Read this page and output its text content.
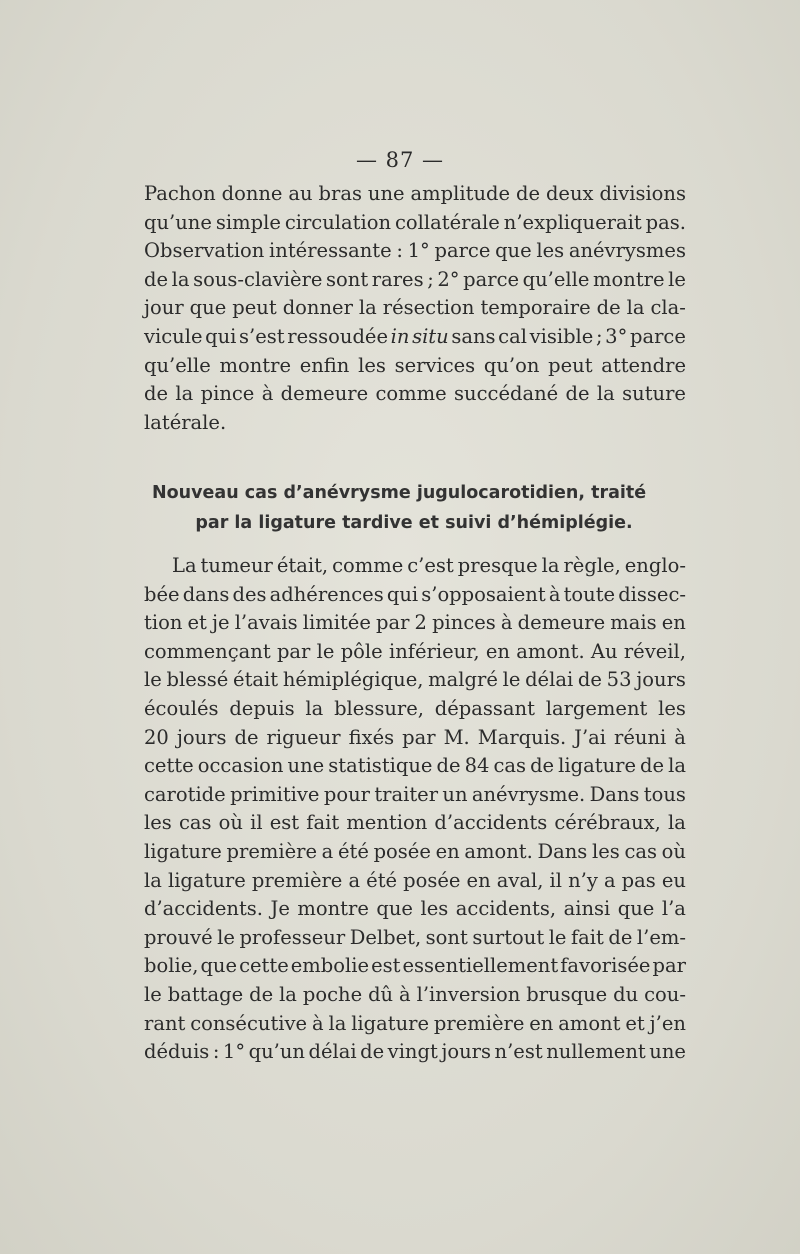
— 87 —
Pachon donne au bras une amplitude de deux divisions
qu’une simple circulation collatérale n’expliquerait pas.
Observation intéressante : 1° parce que les anévrysmes
de la sous-clavière sont rares ; 2° parce qu’elle montre le
jour que peut donner la résection temporaire de la cla-
vicule qui s’est ressoudée in situ sans cal visible ; 3° parce
qu’elle montre enfin les services qu’on peut attendre
de la pince à demeure comme succédané de la suture
latérale.
Nouveau cas d’anévrysme jugulocarotidien, traité
par la ligature tardive et suivi d’hémiplégie.
La tumeur était, comme c’est presque la règle, englo-
bée dans des adhérences qui s’opposaient à toute dissec-
tion et je l’avais limitée par 2 pinces à demeure mais en
commençant par le pôle inférieur, en amont. Au réveil,
le blessé était hémiplégique, malgré le délai de 53 jours
écoulés depuis la blessure, dépassant largement les
20 jours de rigueur fixés par M. Marquis. J’ai réuni à
cette occasion une statistique de 84 cas de ligature de la
carotide primitive pour traiter un anévrysme. Dans tous
les cas où il est fait mention d’accidents cérébraux, la
ligature première a été posée en amont. Dans les cas où
la ligature première a été posée en aval, il n’y a pas eu
d’accidents. Je montre que les accidents, ainsi que l’a
prouvé le professeur Delbet, sont surtout le fait de l’em-
bolie, que cette embolie est essentiellement favorisée par
le battage de la poche dû à l’inversion brusque du cou-
rant consécutive à la ligature première en amont et j’en
déduis : 1° qu’un délai de vingt jours n’est nullement une
